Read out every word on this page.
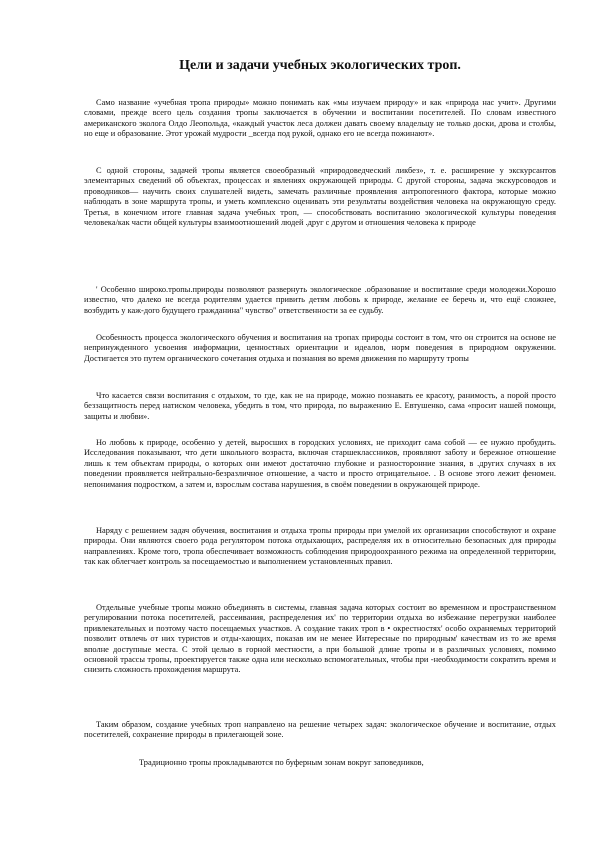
Цели и задачи учебных экологических троп.

Само название «учебная тропа природы» можно понимать как «мы изучаем природу» и как «природа нас учит». Другими словами, прежде всего цель создания тропы заключается в обучении и воспитании посетителей. По словам известного американского эколога Олдо Леопольда, «каждый участок леса должен давать своему владельцу не только доски, дрова и столбы, но еще и образование. Этот урожай мудрости _всегда под рукой, однако его не всегда пожинают».

С одной стороны, задачей тропы является своеобразный «природоведческий ликбез», т. е. расширение у экскурсантов элементарных сведений об объектах, процессах и явлениях окружающей природы. С другой стороны, задача экскурсоводов и проводников— научить своих слушателей видеть, замечать различные проявления антропогенного фактора, которые можно наблюдать в зоне маршрута тропы, и уметь комплексно оценивать эти результаты воздействия человека на окружающую среду. Третья, в конечном итоге главная задача учебных троп, — способствовать воспитанию экологической культуры поведения человека/как части общей культуры взаимоотношений людей .друг с другом и отношения человека к природе

' Особенно широко.тропы.природы позволяют развернуть экологическое .образование и воспитание среди молодежи.Хорошо известно, что далеко не всегда родителям удается привить детям любовь к природе, желание ее беречь и, что ещё сложнее, возбудить у каж-дого будущего гражданина" чувство" ответственности за ее судьбу.

Особенность процесса экологического обучения и воспитания на тропах природы состоит в том, что он строится на основе не непринужденного усвоения информации, ценностных ориентации и идеалов, норм поведения в природном окружении. Достигается это путем органического сочетания отдыха и познания во время движения по маршруту тропы

Что касается связи воспитания с отдыхом, то где, как не на природе, можно познавать ее красоту, ранимость, а порой просто беззащитность перед натиском человека, убедить в том, что природа, по выражению Е. Евтушенко, сама «просит нашей помощи, защиты и любви».

Но любовь к природе, особенно у детей, выросших в городских условиях, не приходит сама собой — ее нужно пробудить. Исследования показывают, что дети школьного возраста, включая старшеклассников, проявляют заботу и бережное отношение лишь к тем объектам природы, о которых они имеют достаточно глубокие и разносторонние знания, в .других случаях в их поведении проявляется нейтрально-безразличное отношение, а часто и просто отрицательное. . В основе этого лежит феномен. непонимания подростком, а затем и, взрослым состава нарушения, в своём поведении в окружающей природе.

Наряду с решением задач обучения, воспитания и отдыха тропы природы при умелой их организации способствуют и охране природы. Они являются своего рода регулятором потока отдыхающих, распределяя их в относительно безопасных для природы направлениях. Кроме того, тропа обеспечивает возможность соблюдения природоохранного режима на определенной территории, так как облегчает контроль за посещаемостью и выполнением установленных правил.

Отдельные учебные тропы можно объединять в системы, главная задача которых состоит во временном и пространственном регулировании потока посетителей, рассеивания, распределения их' по территории отдыха во избежание перегрузки наиболее привлекательных и поэтому часто посещаемых участков. А создание таких троп в • окрестностях' особо охраняемых территорий позволит отвлечь от них туристов и отды-хающих, показав им не менее Интересные по природным' качествам из то же время вполне доступные места. С этой целью в горной местности, а при большой длине тропы и в различных условиях, помимо основной трассы тропы, проектируется также одна или несколько вспомогательных, чтобы при -необходимости сократить время и снизить сложность прохождения маршрута.

Таким образом, создание учебных троп направлено на решение четырех задач: экологическое обучение и воспитание, отдых посетителей, сохранение природы в прилегающей зоне.

Традиционно тропы прокладываются по буферным зонам вокруг заповедников,
